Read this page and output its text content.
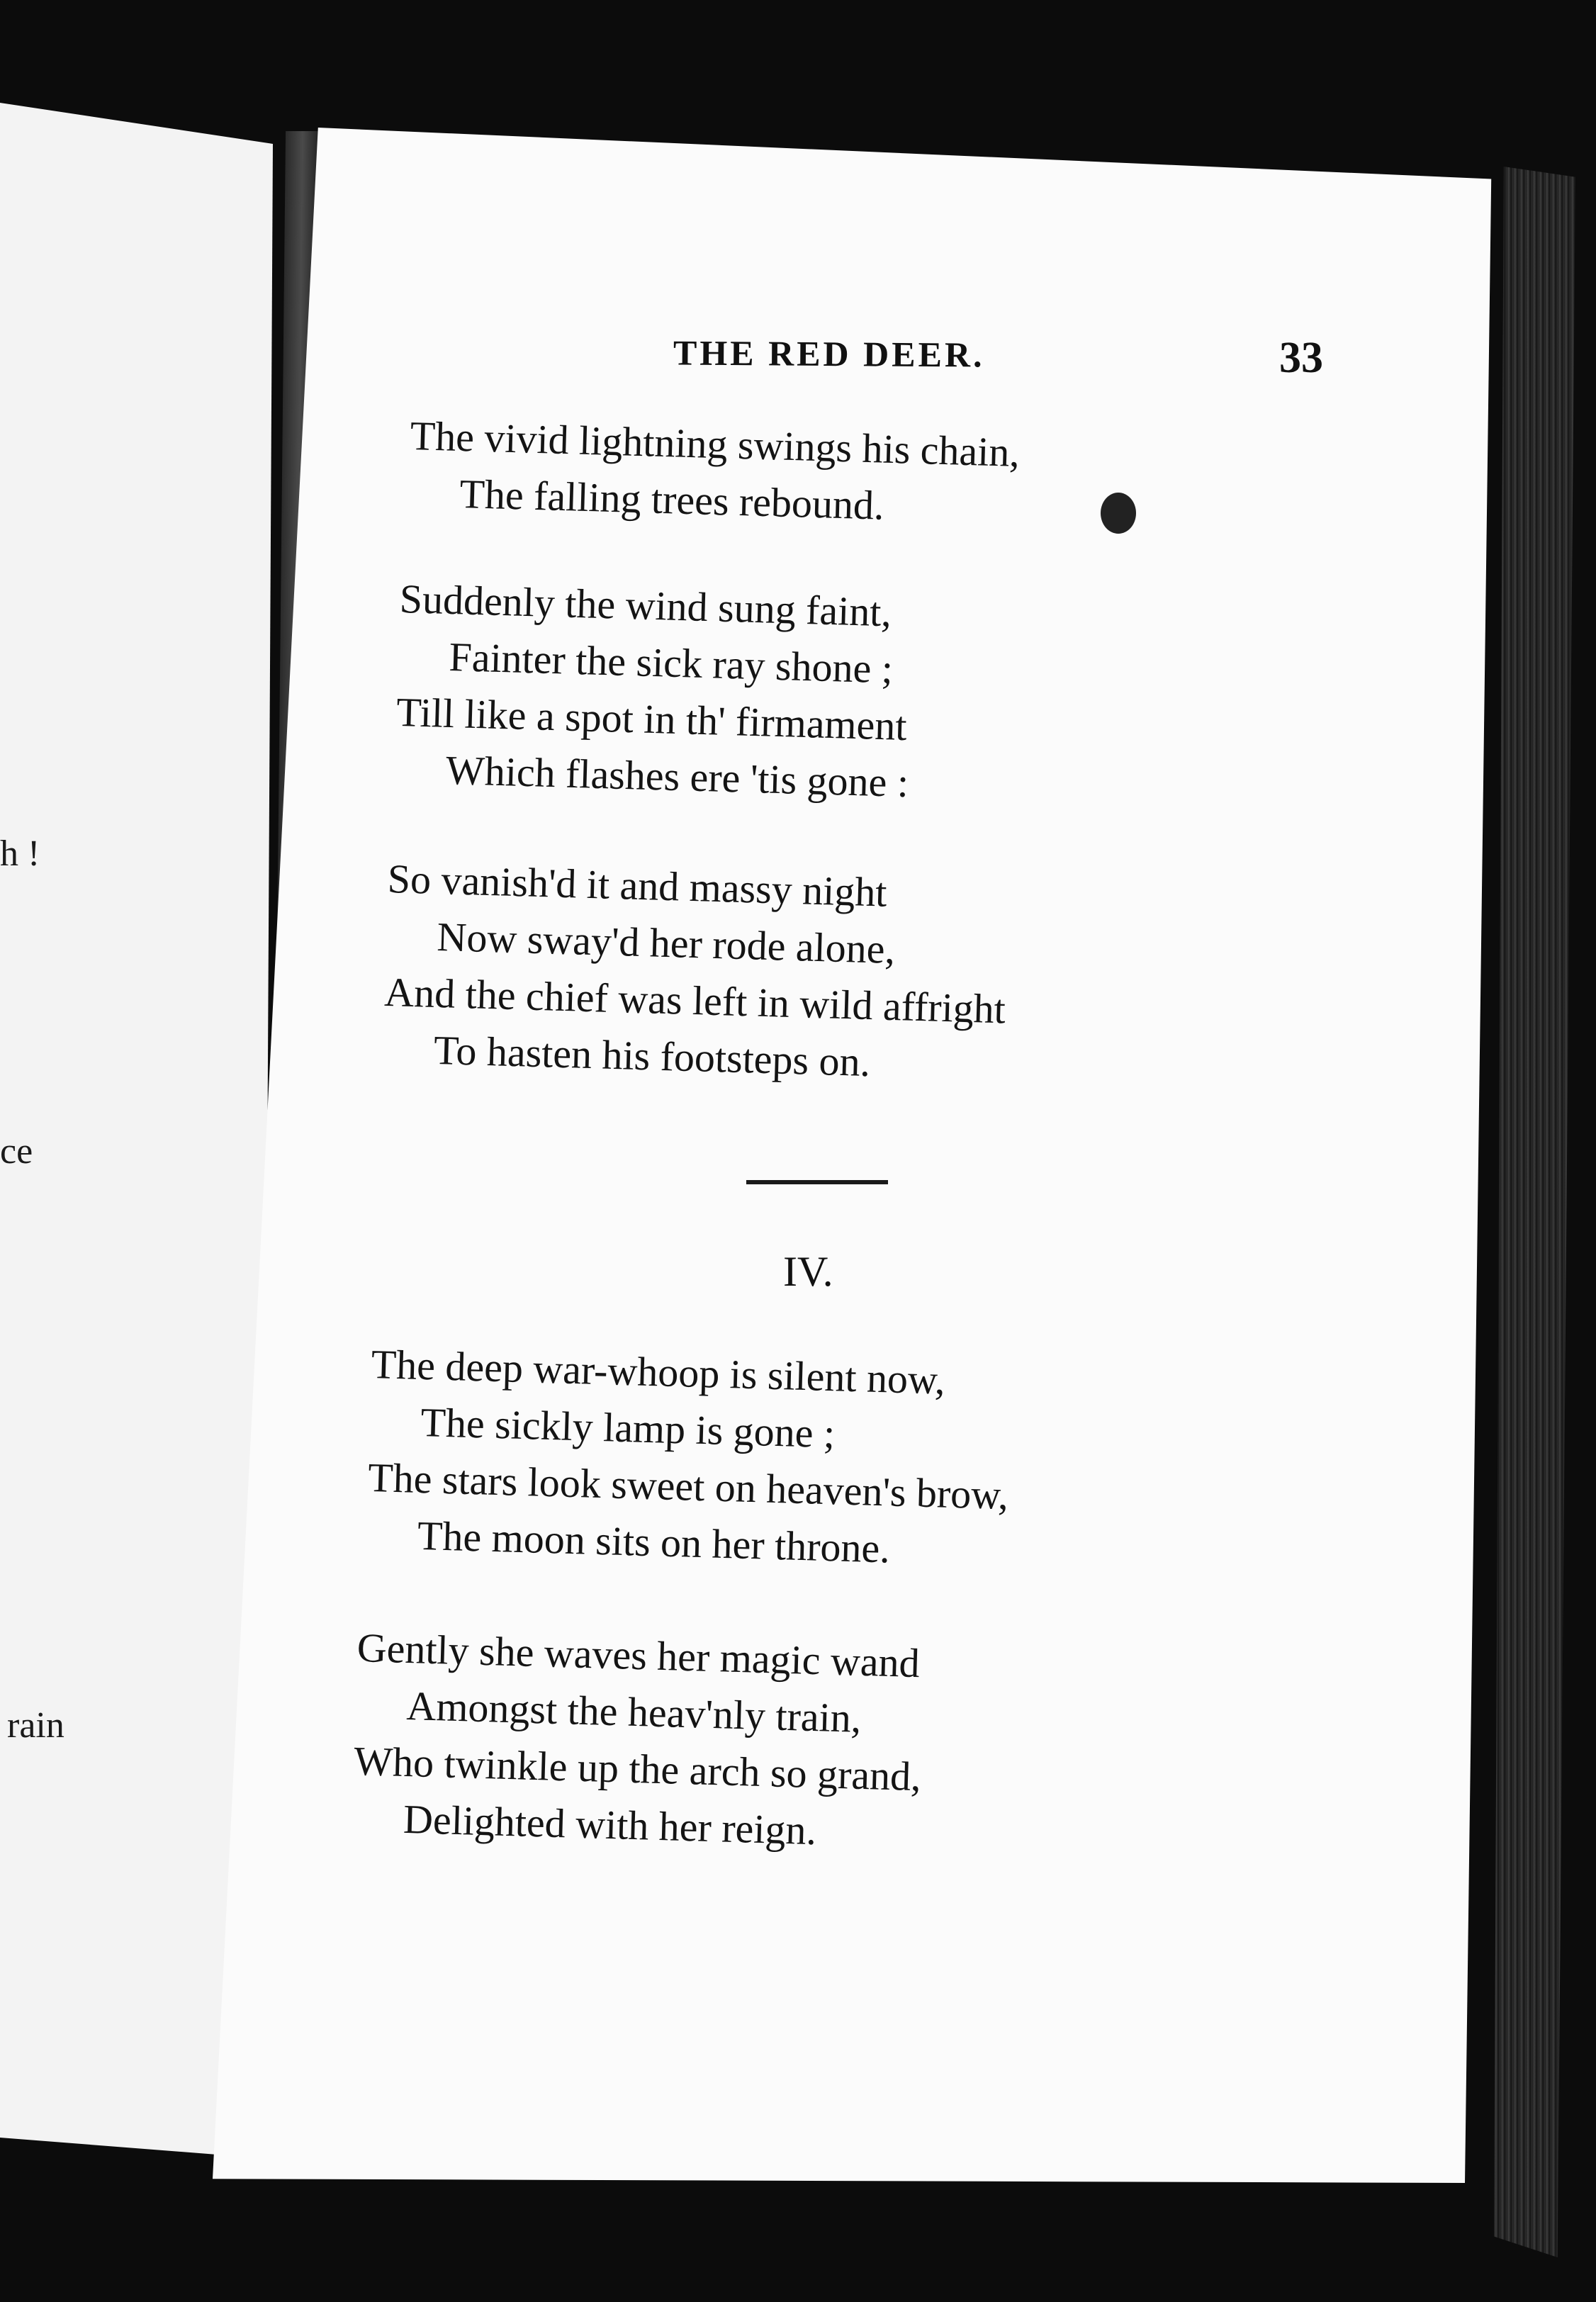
h !
ce
rain
THE RED DEER.	33
The vivid lightning swings his chain,
The falling trees rebound.
Suddenly the wind sung faint,
Fainter the sick ray shone ;
Till like a spot in th' firmament
Which flashes ere 'tis gone :
So vanish'd it and massy night
Now sway'd her rode alone,
And the chief was left in wild affright
To hasten his footsteps on.
IV.
The deep war-whoop is silent now,
The sickly lamp is gone ;
The stars look sweet on heaven's brow,
The moon sits on her throne.
Gently she waves her magic wand
Amongst the heav'nly train,
Who twinkle up the arch so grand,
Delighted with her reign.
